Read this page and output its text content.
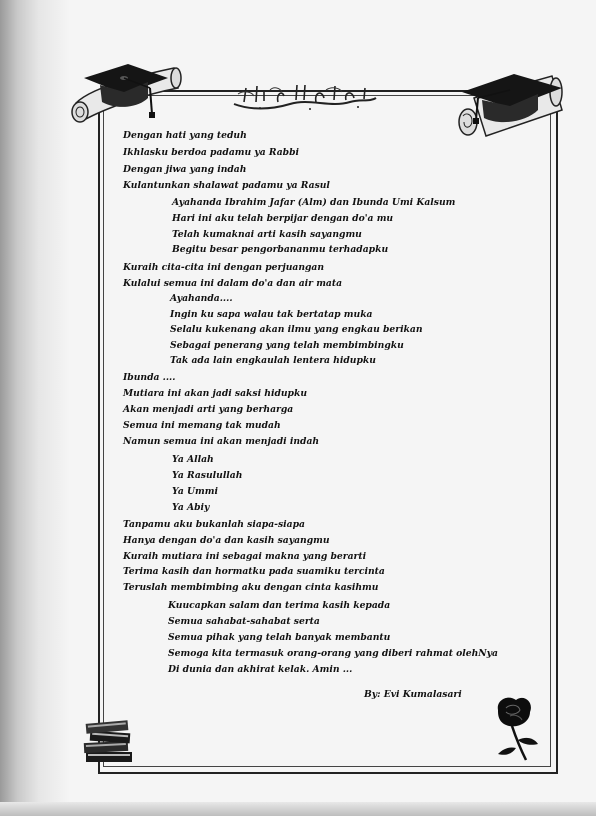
Dengan hati yang teduh
Ikhlasku berdoa padamu ya Rabbi
Dengan jiwa yang indah
Kulantunkan shalawat padamu ya Rasul
Ayahanda Ibrahim Jafar (Alm) dan Ibunda Umi Kalsum
Hari ini aku telah berpijar dengan do'a mu
Telah kumaknai arti kasih sayangmu
Begitu besar pengorbananmu terhadapku
Kuraih cita-cita ini dengan perjuangan
Kulalui semua ini dalam do'a dan air mata
Ayahanda....
Ingin ku sapa walau tak bertatap muka
Selalu kukenang akan ilmu yang engkau berikan
Sebagai penerang yang telah membimbingku
Tak ada lain engkaulah lentera hidupku
Ibunda ....
Mutiara ini akan jadi saksi hidupku
Akan menjadi arti yang berharga
Semua ini memang tak mudah
Namun semua ini akan menjadi indah
Ya Allah
Ya Rasulullah
Ya Ummi
Ya Abiy
Tanpamu aku bukanlah siapa-siapa
Hanya dengan do'a dan kasih sayangmu
Kuraih mutiara ini sebagai makna yang berarti
Terima kasih dan hormatku pada suamiku tercinta
Teruslah membimbing aku dengan cinta kasihmu
Kuucapkan salam dan terima kasih kepada
Semua sahabat-sahabat serta
Semua pihak yang telah banyak membantu
Semoga kita termasuk orang-orang yang diberi rahmat olehNya
Di dunia dan akhirat kelak. Amin ...
By: Evi Kumalasari
